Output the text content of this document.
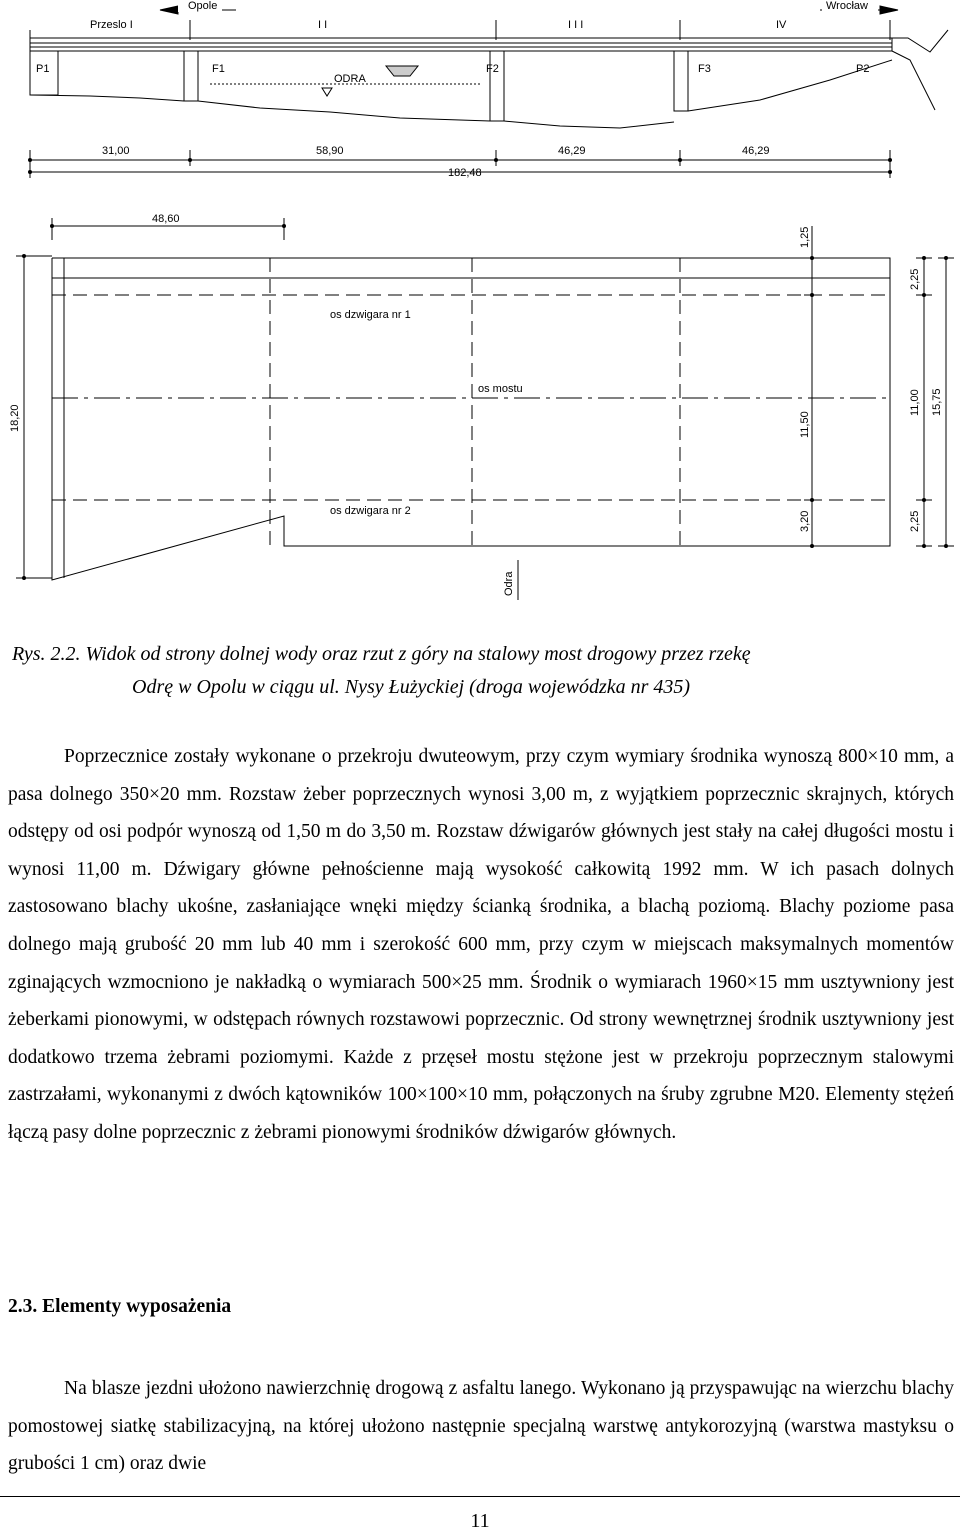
Opole	Wrocław
Przeslo I	I I	I I I	IV
P1	F1	F2	F3	P2
ODRA
31,00	58,90	46,29	46,29
182,48
48,60
os dzwigara nr 1
os mostu
os dzwigara nr 2
Odra
18,20
1,25
11,50
3,20
2,25
11,00
2,25
15,75
Rys. 2.2. Widok od strony dolnej wody oraz rzut z góry na stalowy most drogowy przez rzekę
Odrę w Opolu w ciągu ul. Nysy Łużyckiej (droga wojewódzka nr 435)

Poprzecznice zostały wykonane o przekroju dwuteowym, przy czym wymiary środnika wynoszą 800×10 mm, a pasa dolnego 350×20 mm. Rozstaw żeber poprzecznych wynosi 3,00 m, z wyjątkiem poprzecznic skrajnych, których odstępy od osi podpór wynoszą od 1,50 m do 3,50 m. Rozstaw dźwigarów głównych jest stały na całej długości mostu i wynosi 11,00 m. Dźwigary główne pełnościenne mają wysokość całkowitą 1992 mm. W ich pasach dolnych zastosowano blachy ukośne, zasłaniające wnęki między ścianką środnika, a blachą poziomą. Blachy poziome pasa dolnego mają grubość 20 mm lub 40 mm i szerokość 600 mm, przy czym w miejscach maksymalnych momentów zginających wzmocniono je nakładką o wymiarach 500×25 mm. Środnik o wymiarach 1960×15 mm usztywniony jest żeberkami pionowymi, w odstępach równych rozstawowi poprzecznic. Od strony wewnętrznej środnik usztywniony jest dodatkowo trzema żebrami poziomymi. Każde z przęseł mostu stężone jest w przekroju poprzecznym stalowymi zastrzałami, wykonanymi z dwóch kątowników 100×100×10 mm, połączonych na śruby zgrubne M20. Elementy stężeń łączą pasy dolne poprzecznic z żebrami pionowymi środników dźwigarów głównych.

2.3. Elementy wyposażenia

Na blasze jezdni ułożono nawierzchnię drogową z asfaltu lanego. Wykonano ją przyspawując na wierzchu blachy pomostowej siatkę stabilizacyjną, na której ułożono następnie specjalną warstwę antykorozyjną (warstwa mastyksu o grubości 1 cm) oraz dwie

11
